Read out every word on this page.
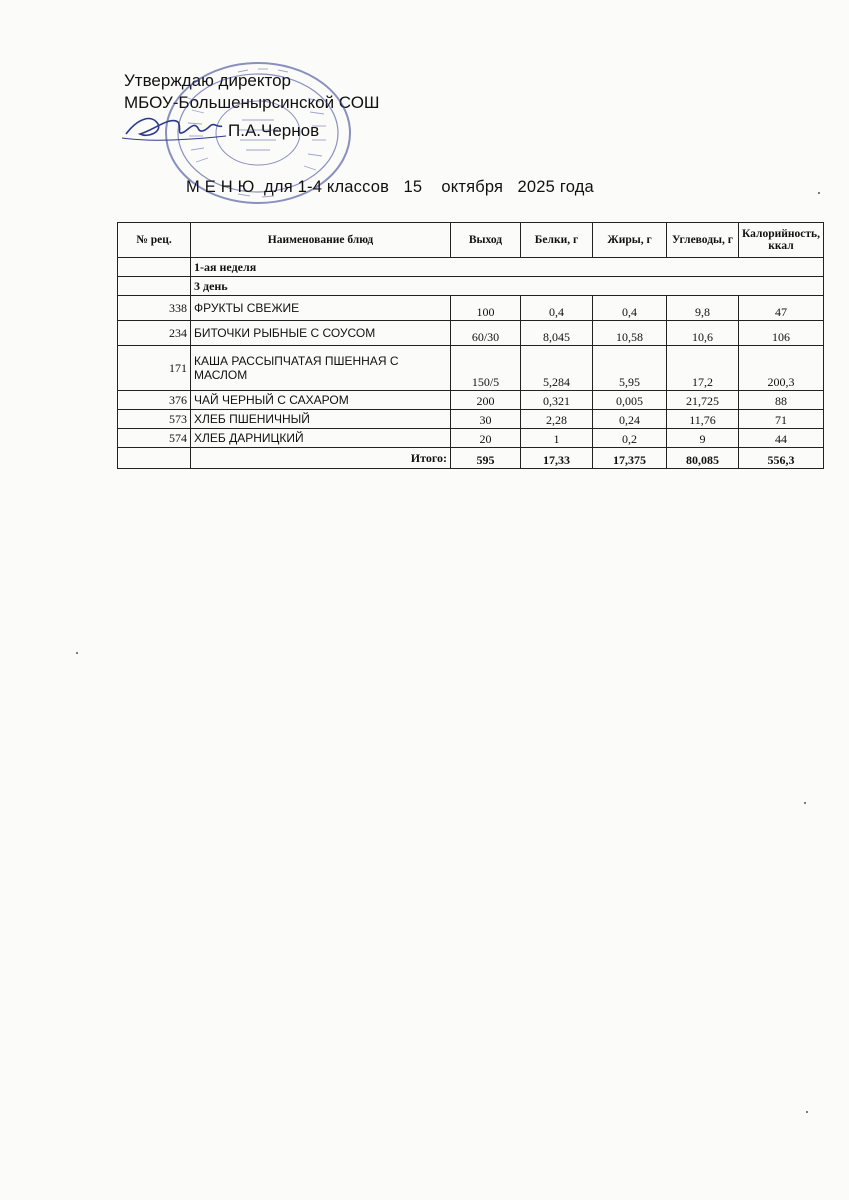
Утверждаю директор
МБОУ-Большенырсинской СОШ
П.А.Чернов
М Е Н Ю  для 1-4 классов   15    октября   2025 года
№ рец.	Наименование блюд	Выход	Белки, г	Жиры, г	Углеводы, г	Калорийность, ккал
	1-ая неделя					
	3 день					
338	ФРУКТЫ СВЕЖИЕ	100	0,4	0,4	9,8	47
234	БИТОЧКИ РЫБНЫЕ С СОУСОМ	60/30	8,045	10,58	10,6	106
171	КАША РАССЫПЧАТАЯ ПШЕННАЯ С МАСЛОМ	150/5	5,284	5,95	17,2	200,3
376	ЧАЙ ЧЕРНЫЙ С САХАРОМ	200	0,321	0,005	21,725	88
573	ХЛЕБ ПШЕНИЧНЫЙ	30	2,28	0,24	11,76	71
574	ХЛЕБ ДАРНИЦКИЙ	20	1	0,2	9	44
	Итого:	595	17,33	17,375	80,085	556,3
